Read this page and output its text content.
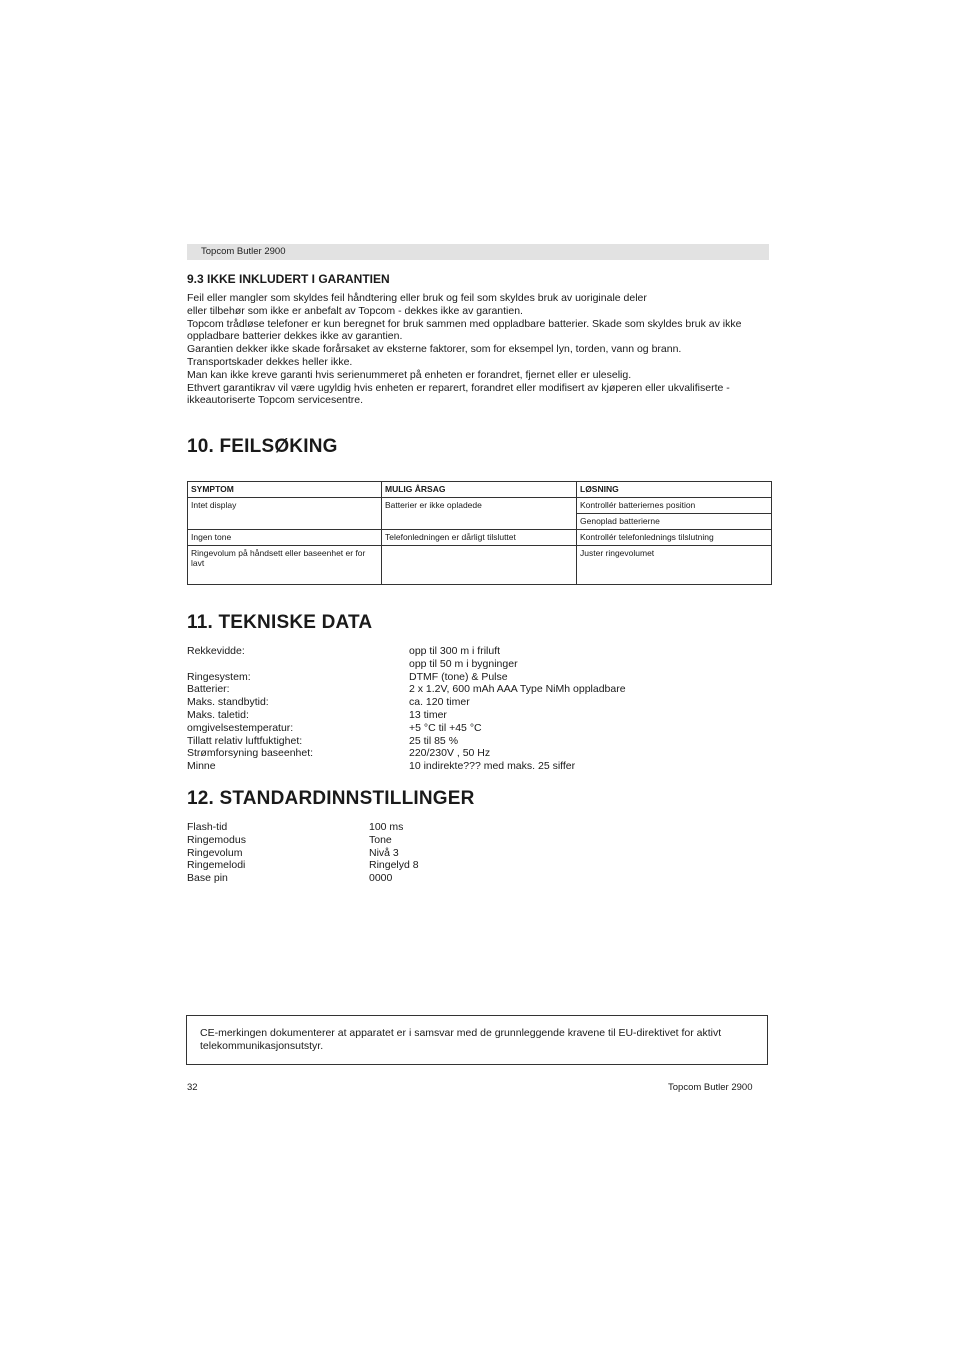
Topcom Butler 2900
9.3 IKKE INKLUDERT I GARANTIEN
Feil eller mangler som skyldes feil håndtering eller bruk og feil som skyldes bruk av uoriginale deler
eller tilbehør som ikke er anbefalt av Topcom - dekkes ikke av garantien.
Topcom trådløse telefoner er kun beregnet for bruk sammen med oppladbare batterier. Skade som skyldes bruk av ikke
oppladbare batterier dekkes ikke av garantien.
Garantien dekker ikke skade forårsaket av eksterne faktorer, som for eksempel lyn, torden, vann og brann.
Transportskader dekkes heller ikke.
Man kan ikke kreve garanti hvis serienummeret på enheten er forandret, fjernet eller er uleselig.
Ethvert garantikrav vil være ugyldig hvis enheten er reparert, forandret eller modifisert av kjøperen eller ukvalifiserte -
ikkeautoriserte Topcom servicesentre.
10. FEILSØKING
SYMPTOM	MULIG ÅRSAG	LØSNING
Intet display	Batterier er ikke opladede	Kontrollér batteriernes position
		Genoplad batterierne
Ingen tone	Telefonledningen er dårligt tilsluttet	Kontrollér telefonlednings tilslutning
Ringevolum på håndsett eller baseenhet er for lavt		Juster ringevolumet
11. TEKNISKE DATA
Rekkevidde:	opp til 300 m i friluft
opp til 50 m i bygninger
Ringesystem:	DTMF (tone) & Pulse
Batterier:	2 x 1.2V, 600 mAh AAA Type NiMh oppladbare
Maks. standbytid:	ca. 120 timer
Maks. taletid:	13 timer
omgivelsestemperatur:	+5 °C til +45 °C
Tillatt relativ luftfuktighet:	25 til 85 %
Strømforsyning baseenhet:	220/230V , 50 Hz
Minne	10 indirekte??? med maks. 25 siffer
12. STANDARDINNSTILLINGER
Flash-tid	100 ms
Ringemodus	Tone
Ringevolum	Nivå 3
Ringemelodi	Ringelyd 8
Base pin	0000
CE-merkingen dokumenterer at apparatet er i samsvar med de grunnleggende kravene til EU-direktivet for aktivt telekommunikasjonsutstyr.
32	Topcom Butler 2900
